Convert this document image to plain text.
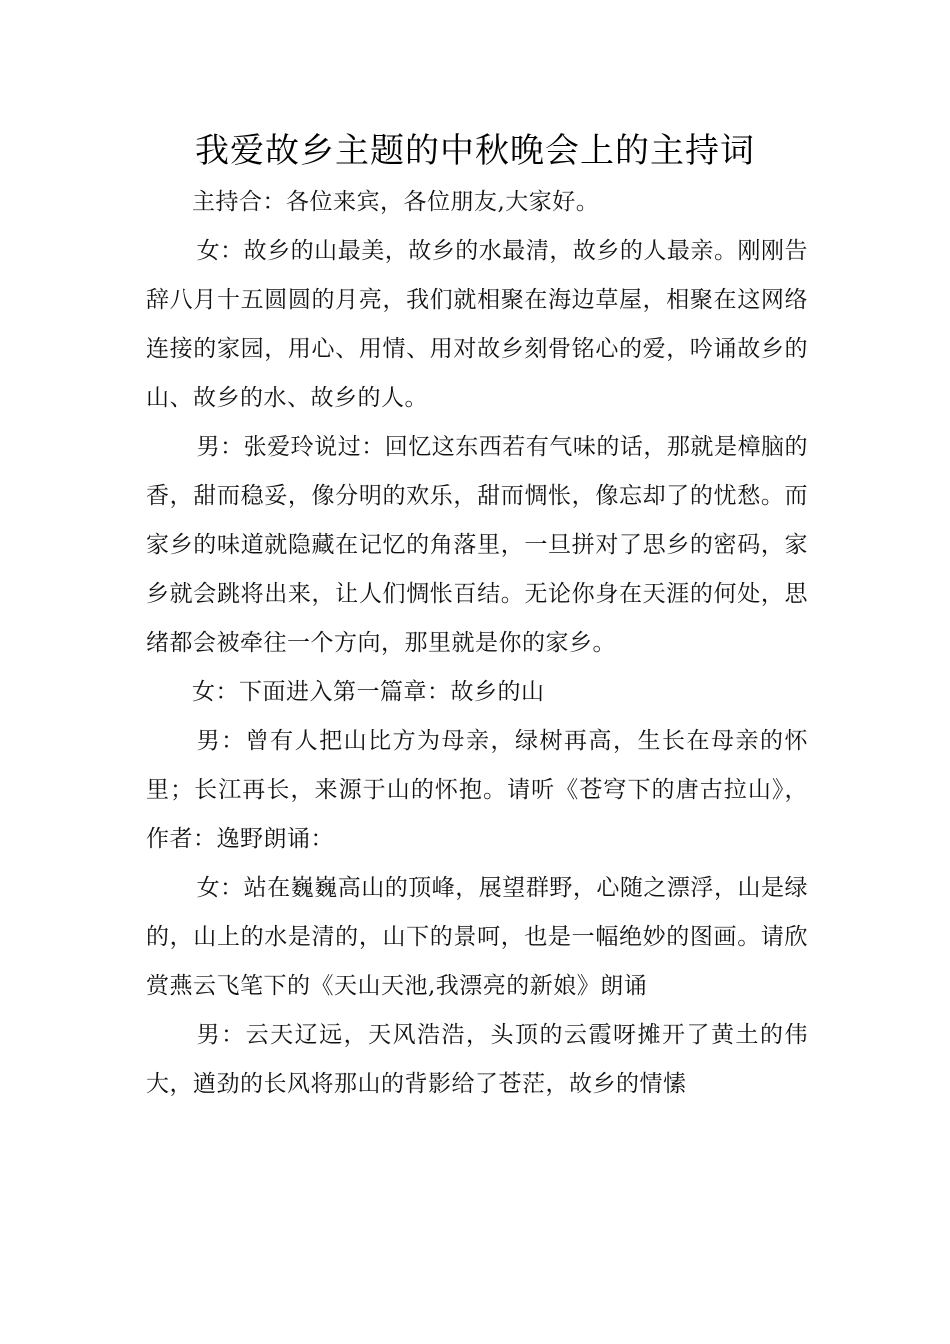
我爱故乡主题的中秋晚会上的主持词

主持合：各位来宾，各位朋友,大家好。

女：故乡的山最美，故乡的水最清，故乡的人最亲。刚刚告辞八月十五圆圆的月亮，我们就相聚在海边草屋，相聚在这网络连接的家园，用心、用情、用对故乡刻骨铭心的爱，吟诵故乡的山、故乡的水、故乡的人。

男：张爱玲说过：回忆这东西若有气味的话，那就是樟脑的香，甜而稳妥，像分明的欢乐，甜而惆怅，像忘却了的忧愁。而家乡的味道就隐藏在记忆的角落里，一旦拼对了思乡的密码，家乡就会跳将出来，让人们惆怅百结。无论你身在天涯的何处，思绪都会被牵往一个方向，那里就是你的家乡。

女：下面进入第一篇章：故乡的山

男：曾有人把山比方为母亲，绿树再高，生长在母亲的怀里；长江再长，来源于山的怀抱。请听《苍穹下的唐古拉山》，作者：逸野朗诵：

女：站在巍巍高山的顶峰，展望群野，心随之漂浮，山是绿的，山上的水是清的，山下的景呵，也是一幅绝妙的图画。请欣赏燕云飞笔下的《天山天池,我漂亮的新娘》朗诵

男：云天辽远，天风浩浩，头顶的云霞呀摊开了黄土的伟大，遒劲的长风将那山的背影给了苍茫，故乡的情愫
